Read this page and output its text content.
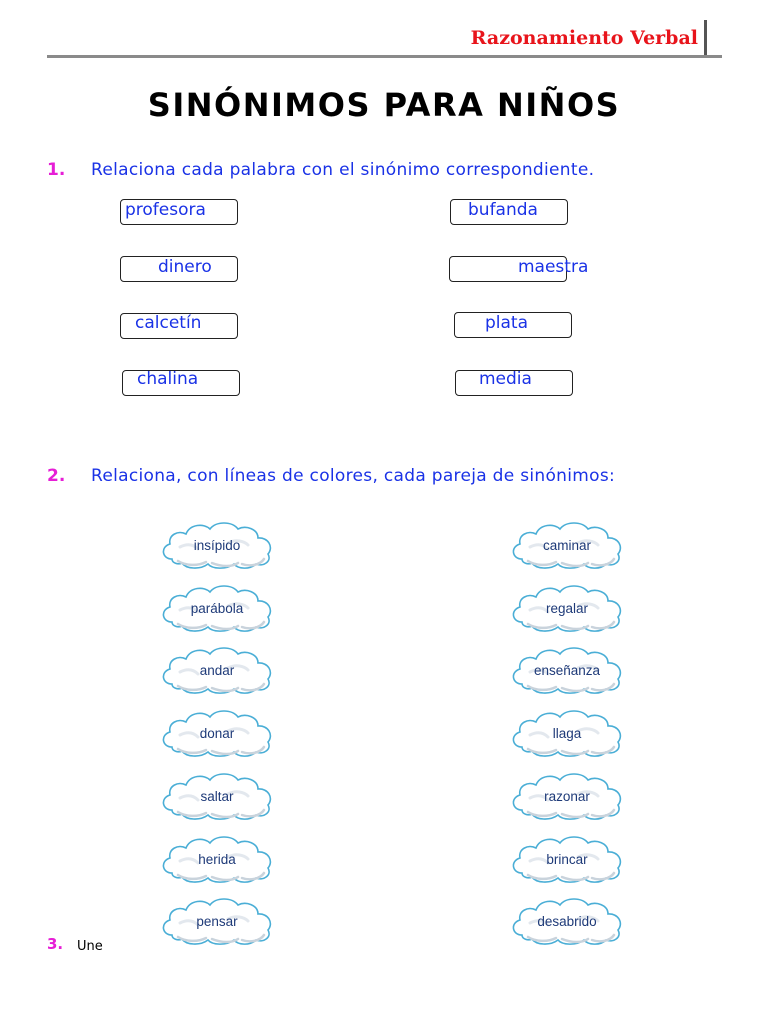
Razonamiento Verbal
SINÓNIMOS PARA NIÑOS
1. Relaciona cada palabra con el sinónimo correspondiente.
profesora
dinero
calcetín
chalina
bufanda
maestra
plata
media
2. Relaciona, con líneas de colores, cada pareja de sinónimos:
insípido
parábola
andar
donar
saltar
herida
pensar
caminar
regalar
enseñanza
llaga
razonar
brincar
desabrido
3. Une
